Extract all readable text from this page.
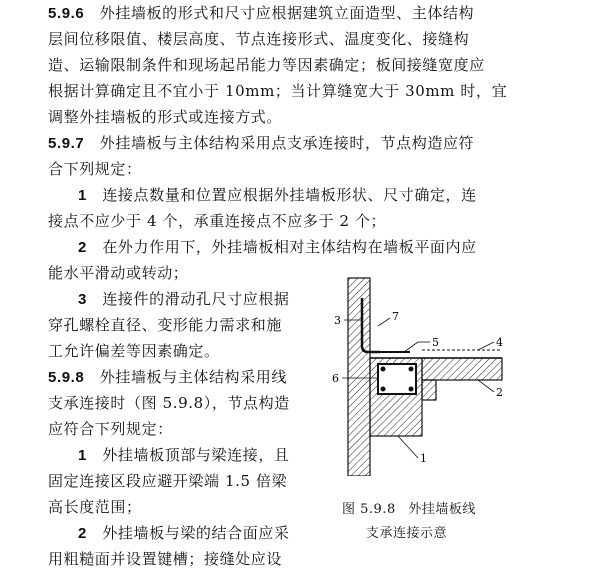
5.9.6 外挂墙板的形式和尺寸应根据建筑立面造型、主体结构
层间位移限值、楼层高度、节点连接形式、温度变化、接缝构
造、运输限制条件和现场起吊能力等因素确定；板间接缝宽度应
根据计算确定且不宜小于 10mm；当计算缝宽大于 30mm 时，宜
调整外挂墙板的形式或连接方式。
5.9.7 外挂墙板与主体结构采用点支承连接时，节点构造应符
合下列规定：
1 连接点数量和位置应根据外挂墙板形状、尺寸确定，连
接点不应少于 4 个，承重连接点不应多于 2 个；
2 在外力作用下，外挂墙板相对主体结构在墙板平面内应
能水平滑动或转动；
3 连接件的滑动孔尺寸应根据
穿孔螺栓直径、变形能力需求和施
工允许偏差等因素确定。
5.9.8 外挂墙板与主体结构采用线
支承连接时（图 5.9.8），节点构造
应符合下列规定：
1 外挂墙板顶部与梁连接，且
固定连接区段应避开梁端 1.5 倍梁
高长度范围；
2 外挂墙板与梁的结合面应采
用粗糙面并设置键槽；接缝处应设
3	7
5	4
6
2
1
图 5.9.8 外挂墙板线
支承连接示意
